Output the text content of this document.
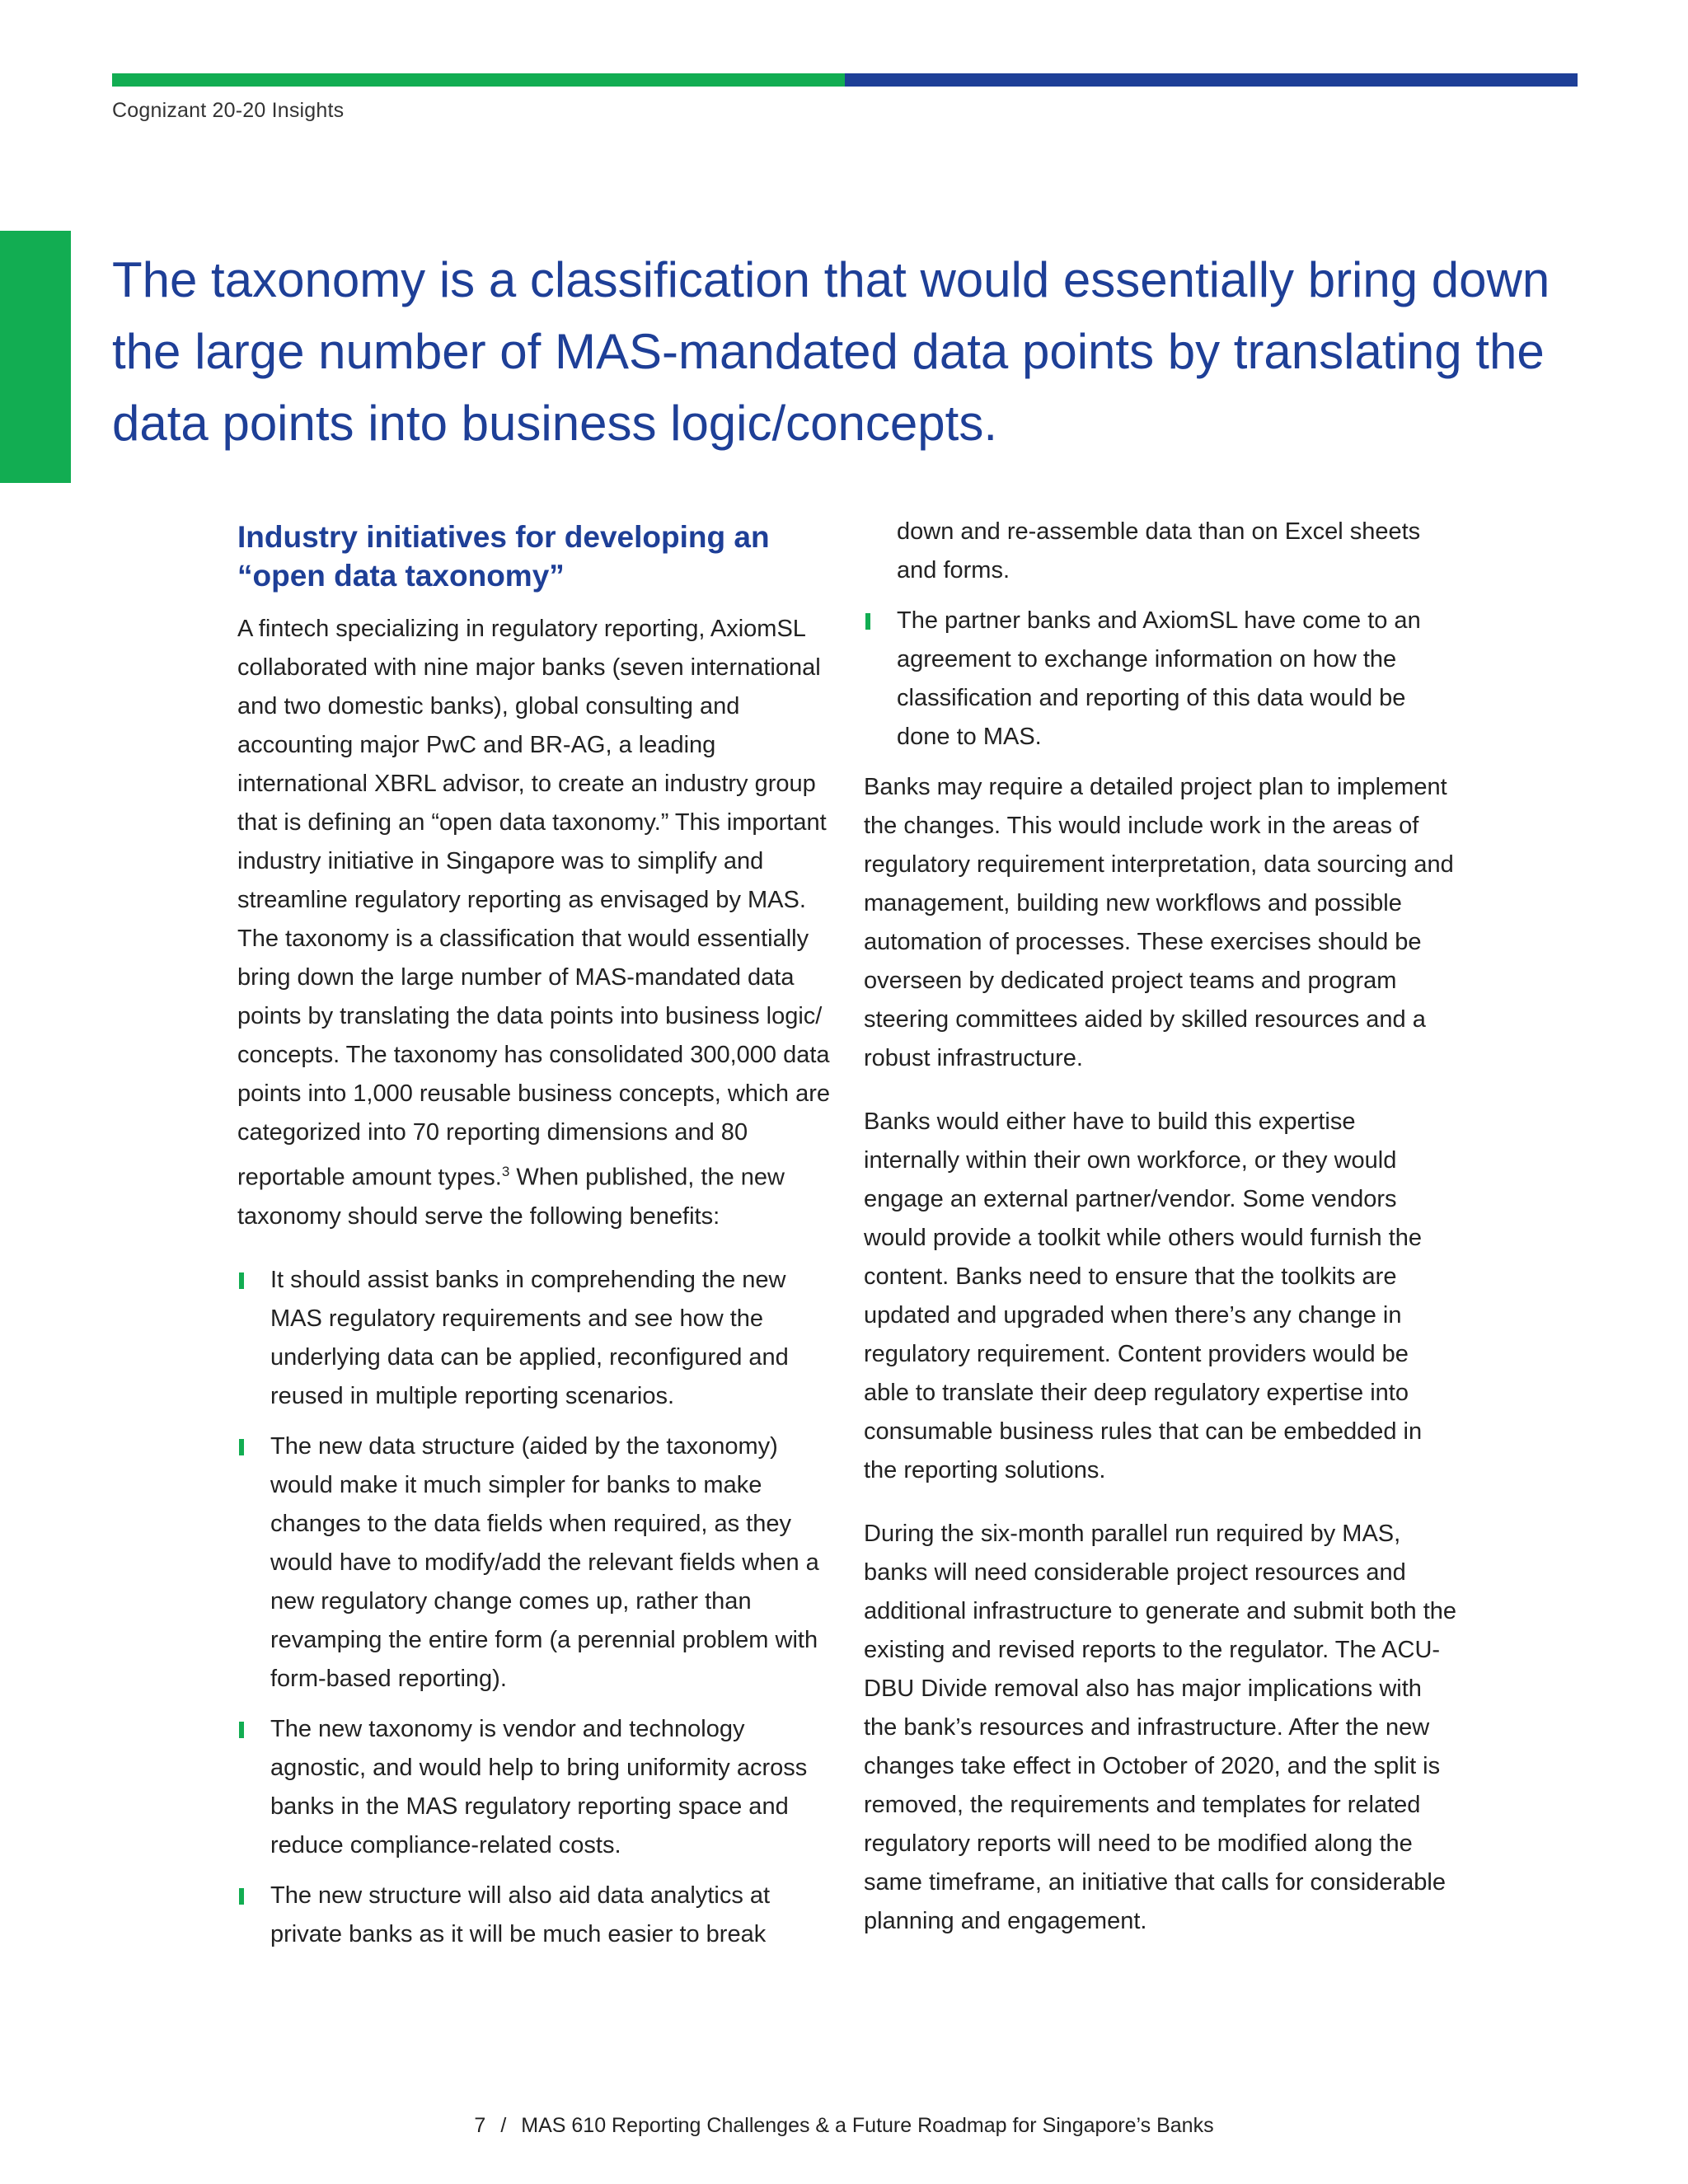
Cognizant 20-20 Insights

The taxonomy is a classification that would essentially bring down the large number of MAS-mandated data points by translating the data points into business logic/concepts.

Industry initiatives for developing an “open data taxonomy”

A fintech specializing in regulatory reporting, AxiomSL collaborated with nine major banks (seven international and two domestic banks), global consulting and accounting major PwC and BR-AG, a leading international XBRL advisor, to create an industry group that is defining an “open data taxonomy.” This important industry initiative in Singapore was to simplify and streamline regulatory reporting as envisaged by MAS. The taxonomy is a classification that would essentially bring down the large number of MAS-mandated data points by translating the data points into business logic/ concepts. The taxonomy has consolidated 300,000 data points into 1,000 reusable business concepts, which are categorized into 70 reporting dimensions and 80 reportable amount types.$^3$ When published, the new taxonomy should serve the following benefits:

It should assist banks in comprehending the new MAS regulatory requirements and see how the underlying data can be applied, reconfigured and reused in multiple reporting scenarios.
The new data structure (aided by the taxonomy) would make it much simpler for banks to make changes to the data fields when required, as they would have to modify/add the relevant fields when a new regulatory change comes up, rather than revamping the entire form (a perennial problem with form-based reporting).
The new taxonomy is vendor and technology agnostic, and would help to bring uniformity across banks in the MAS regulatory reporting space and reduce compliance-related costs.
The new structure will also aid data analytics at private banks as it will be much easier to break
down and re-assemble data than on Excel sheets and forms.
The partner banks and AxiomSL have come to an agreement to exchange information on how the classification and reporting of this data would be done to MAS.

Banks may require a detailed project plan to implement the changes. This would include work in the areas of regulatory requirement interpretation, data sourcing and management, building new workflows and possible automation of processes. These exercises should be overseen by dedicated project teams and program steering committees aided by skilled resources and a robust infrastructure.

Banks would either have to build this expertise internally within their own workforce, or they would engage an external partner/vendor. Some vendors would provide a toolkit while others would furnish the content. Banks need to ensure that the toolkits are updated and upgraded when there’s any change in regulatory requirement. Content providers would be able to translate their deep regulatory expertise into consumable business rules that can be embedded in the reporting solutions.

During the six-month parallel run required by MAS, banks will need considerable project resources and additional infrastructure to generate and submit both the existing and revised reports to the regulator. The ACU-DBU Divide removal also has major implications with the bank’s resources and infrastructure. After the new changes take effect in October of 2020, and the split is removed, the requirements and templates for related regulatory reports will need to be modified along the same timeframe, an initiative that calls for considerable planning and engagement.

7 / MAS 610 Reporting Challenges & a Future Roadmap for Singapore’s Banks
